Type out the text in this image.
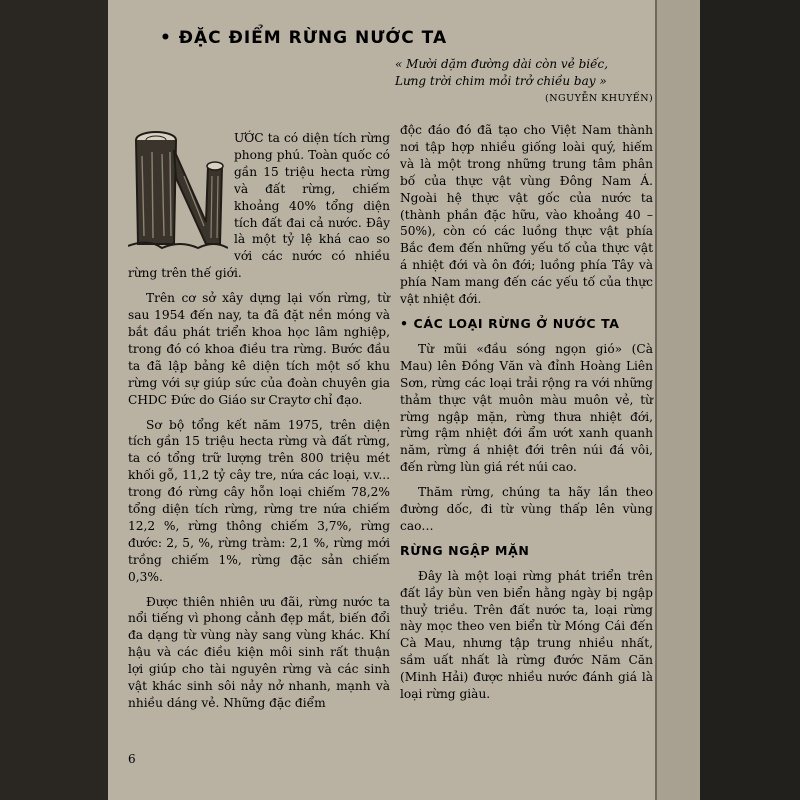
• ĐẶC ĐIỂM RỪNG NƯỚC TA
« Mười dặm đường dài còn vẻ biếc,
Lưng trời chim mỏi trở chiều bay »
(NGUYỄN KHUYẾN)

ƯỚC ta có diện tích rừng phong phú. Toàn quốc có gần 15 triệu hecta rừng và đất rừng, chiếm khoảng 40% tổng diện tích đất đai cả nước. Đây là một tỷ lệ khá cao so với các nước có nhiều rừng trên thế giới.

Trên cơ sở xây dựng lại vốn rừng, từ sau 1954 đến nay, ta đã đặt nền móng và bắt đầu phát triển khoa học lâm nghiệp, trong đó có khoa điều tra rừng. Bước đầu ta đã lập bảng kê diện tích một số khu rừng với sự giúp sức của đoàn chuyên gia CHDC Đức do Giáo sư Craytơ chỉ đạo.

Sơ bộ tổng kết năm 1975, trên diện tích gần 15 triệu hecta rừng và đất rừng, ta có tổng trữ lượng trên 800 triệu mét khối gỗ, 11,2 tỷ cây tre, nứa các loại, v.v... trong đó rừng cây hỗn loại chiếm 78,2% tổng diện tích rừng, rừng tre nứa chiếm 12,2 %, rừng thông chiếm 3,7%, rừng đước: 2, 5, %, rừng tràm: 2,1 %, rừng mới trồng chiếm 1%, rừng đặc sản chiếm 0,3%.

Được thiên nhiên ưu đãi, rừng nước ta nổi tiếng vì phong cảnh đẹp mắt, biến đổi đa dạng từ vùng này sang vùng khác. Khí hậu và các điều kiện môi sinh rất thuận lợi giúp cho tài nguyên rừng và các sinh vật khác sinh sôi nảy nở nhanh, mạnh và nhiều dáng vẻ. Những đặc điểm

độc đáo đó đã tạo cho Việt Nam thành nơi tập hợp nhiều giống loài quý, hiếm và là một trong những trung tâm phân bố của thực vật vùng Đông Nam Á. Ngoài hệ thực vật gốc của nước ta (thành phần đặc hữu, vào khoảng 40 – 50%), còn có các luồng thực vật phía Bắc đem đến những yếu tố của thực vật á nhiệt đới và ôn đới; luồng phía Tây và phía Nam mang đến các yếu tố của thực vật nhiệt đới.

• CÁC LOẠI RỪNG Ở NƯỚC TA

Từ mũi «đầu sóng ngọn gió» (Cà Mau) lên Đồng Văn và đỉnh Hoàng Liên Sơn, rừng các loại trải rộng ra với những thảm thực vật muôn màu muôn vẻ, từ rừng ngập mặn, rừng thưa nhiệt đới, rừng rậm nhiệt đới ẩm ướt xanh quanh năm, rừng á nhiệt đới trên núi đá vôi, đến rừng lùn giá rét núi cao.

Thăm rừng, chúng ta hãy lần theo đường dốc, đi từ vùng thấp lên vùng cao…

RỪNG NGẬP MẶN

Đây là một loại rừng phát triển trên đất lầy bùn ven biển hằng ngày bị ngập thuỷ triều. Trên đất nước ta, loại rừng này mọc theo ven biển từ Móng Cái đến Cà Mau, nhưng tập trung nhiều nhất, sầm uất nhất là rừng đước Năm Căn (Minh Hải) được nhiều nước đánh giá là loại rừng giàu.

6
